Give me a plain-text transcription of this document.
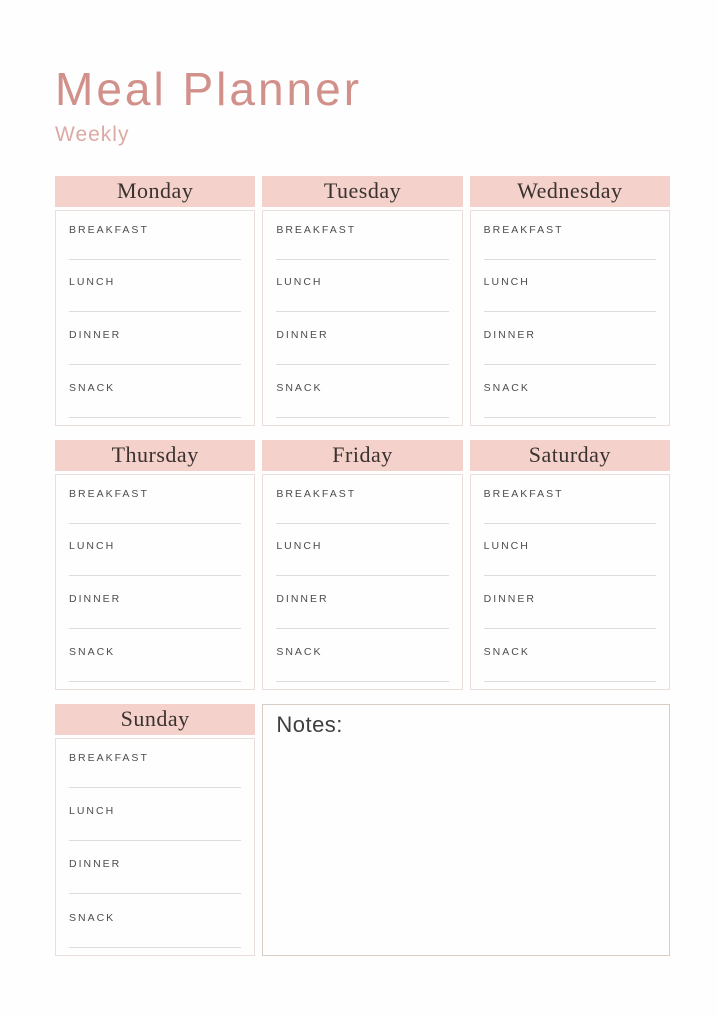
Meal Planner
Weekly
Monday
BREAKFAST
LUNCH
DINNER
SNACK
Tuesday
BREAKFAST
LUNCH
DINNER
SNACK
Wednesday
BREAKFAST
LUNCH
DINNER
SNACK
Thursday
BREAKFAST
LUNCH
DINNER
SNACK
Friday
BREAKFAST
LUNCH
DINNER
SNACK
Saturday
BREAKFAST
LUNCH
DINNER
SNACK
Sunday
BREAKFAST
LUNCH
DINNER
SNACK
Notes:
